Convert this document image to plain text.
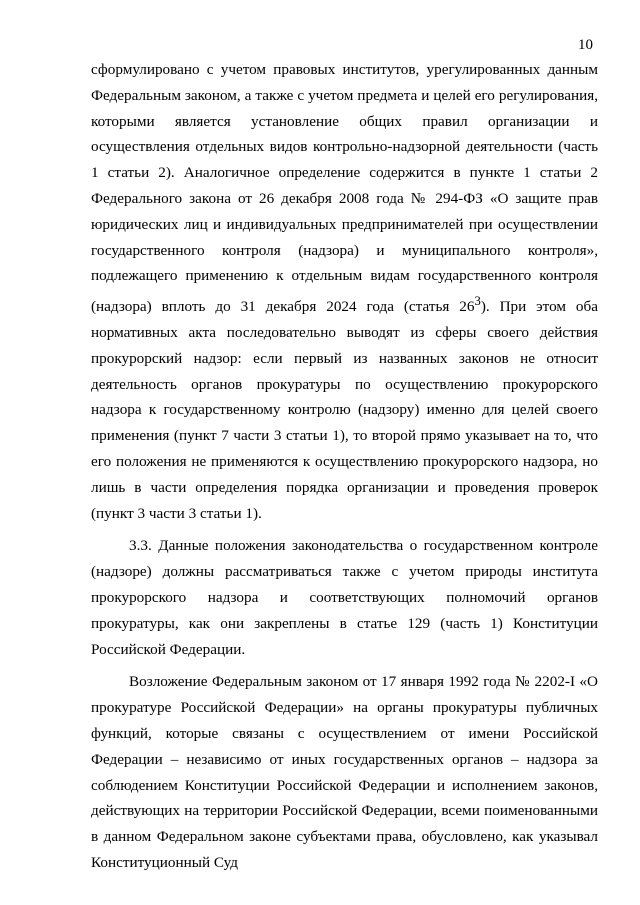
10

сформулировано с учетом правовых институтов, урегулированных данным Федеральным законом, а также с учетом предмета и целей его регулирования, которыми является установление общих правил организации и осуществления отдельных видов контрольно-надзорной деятельности (часть 1 статьи 2). Аналогичное определение содержится в пункте 1 статьи 2 Федерального закона от 26 декабря 2008 года № 294-ФЗ «О защите прав юридических лиц и индивидуальных предпринимателей при осуществлении государственного контроля (надзора) и муниципального контроля», подлежащего применению к отдельным видам государственного контроля (надзора) вплоть до 31 декабря 2024 года (статья $26^3$). При этом оба нормативных акта последовательно выводят из сферы своего действия прокурорский надзор: если первый из названных законов не относит деятельность органов прокуратуры по осуществлению прокурорского надзора к государственному контролю (надзору) именно для целей своего применения (пункт 7 части 3 статьи 1), то второй прямо указывает на то, что его положения не применяются к осуществлению прокурорского надзора, но лишь в части определения порядка организации и проведения проверок (пункт 3 части 3 статьи 1).

3.3. Данные положения законодательства о государственном контроле (надзоре) должны рассматриваться также с учетом природы института прокурорского надзора и соответствующих полномочий органов прокуратуры, как они закреплены в статье 129 (часть 1) Конституции Российской Федерации.

Возложение Федеральным законом от 17 января 1992 года № 2202-I «О прокуратуре Российской Федерации» на органы прокуратуры публичных функций, которые связаны с осуществлением от имени Российской Федерации – независимо от иных государственных органов – надзора за соблюдением Конституции Российской Федерации и исполнением законов, действующих на территории Российской Федерации, всеми поименованными в данном Федеральном законе субъектами права, обусловлено, как указывал Конституционный Суд
